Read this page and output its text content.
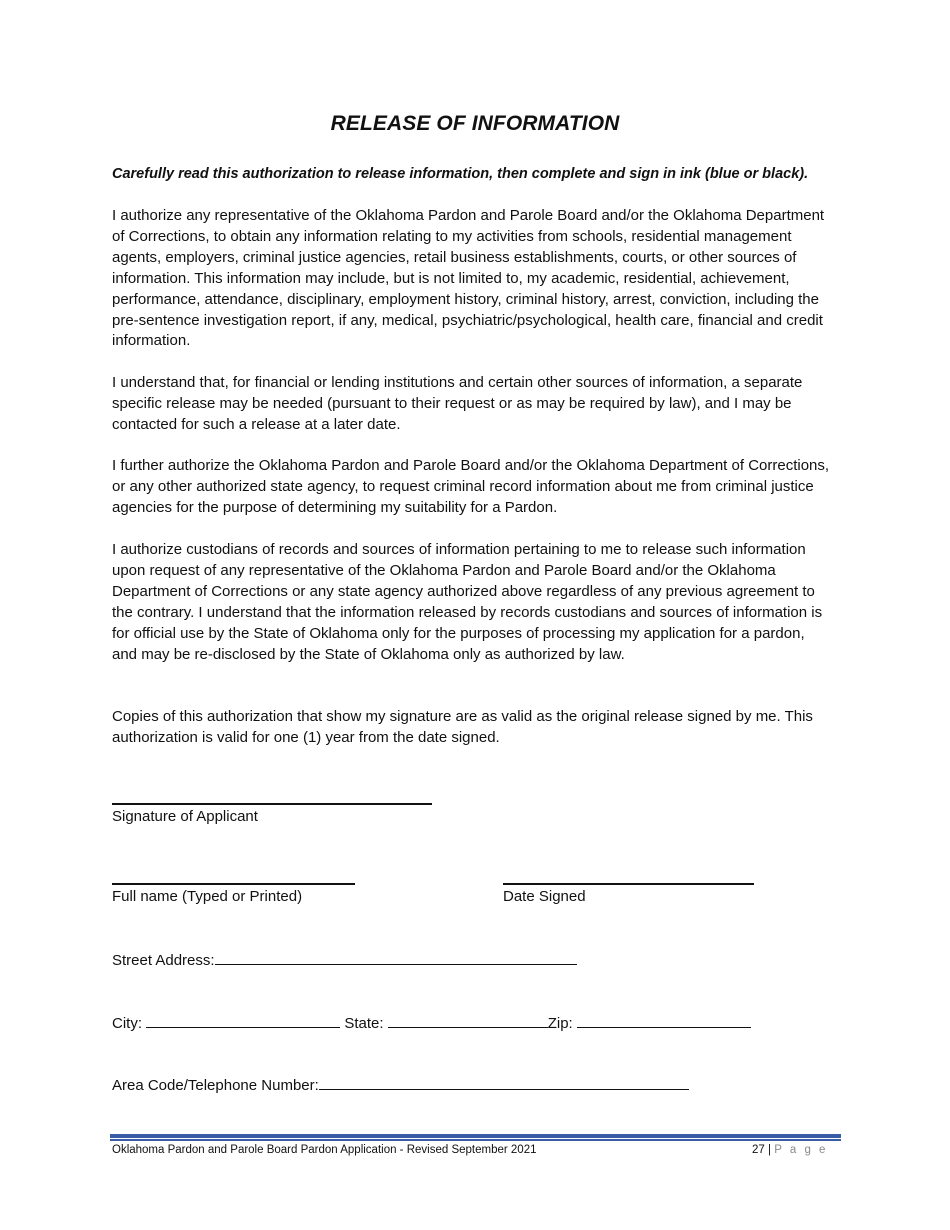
RELEASE OF INFORMATION
Carefully read this authorization to release information, then complete and sign in ink (blue or black).

I authorize any representative of the Oklahoma Pardon and Parole Board and/or the Oklahoma Department of Corrections, to obtain any information relating to my activities from schools, residential management agents, employers, criminal justice agencies, retail business establishments, courts, or other sources of information. This information may include, but is not limited to, my academic, residential, achievement, performance, attendance, disciplinary, employment history, criminal history, arrest, conviction, including the pre-sentence investigation report, if any, medical, psychiatric/psychological, health care, financial and credit information.

I understand that, for financial or lending institutions and certain other sources of information, a separate specific release may be needed (pursuant to their request or as may be required by law), and I may be contacted for such a release at a later date.

I further authorize the Oklahoma Pardon and Parole Board and/or the Oklahoma Department of Corrections, or any other authorized state agency, to request criminal record information about me from criminal justice agencies for the purpose of determining my suitability for a Pardon.

I authorize custodians of records and sources of information pertaining to me to release such information upon request of any representative of the Oklahoma Pardon and Parole Board and/or the Oklahoma Department of Corrections or any state agency authorized above regardless of any previous agreement to the contrary. I understand that the information released by records custodians and sources of information is for official use by the State of Oklahoma only for the purposes of processing my application for a pardon, and may be re-disclosed by the State of Oklahoma only as authorized by law.

Copies of this authorization that show my signature are as valid as the original release signed by me. This authorization is valid for one (1) year from the date signed.

Signature of Applicant
Full name (Typed or Printed)	Date Signed
Street Address:
City:	State:	Zip:
Area Code/Telephone Number:
Oklahoma Pardon and Parole Board Pardon Application - Revised September 2021	27 | P a g e
